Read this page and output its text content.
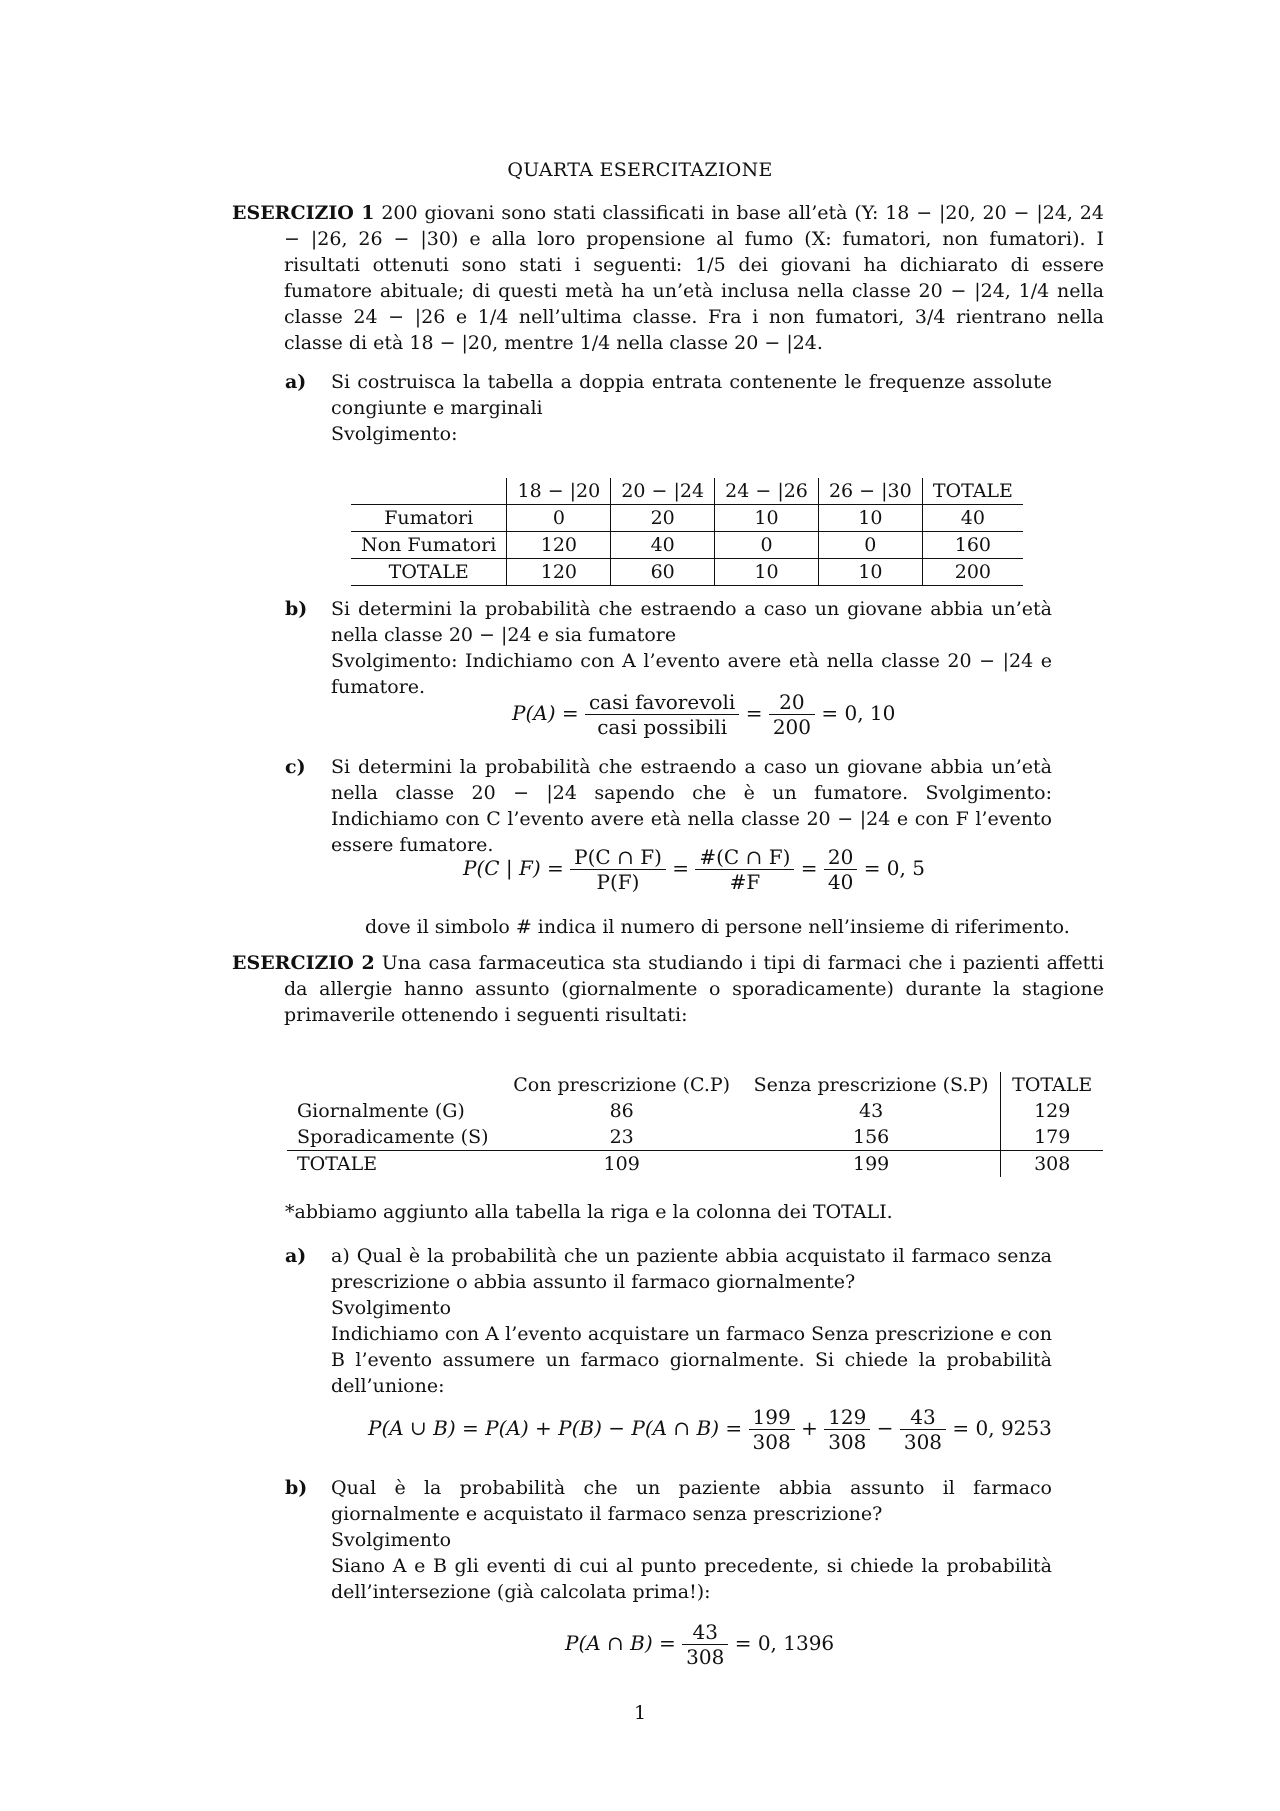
QUARTA ESERCITAZIONE
ESERCIZIO 1 200 giovani sono stati classificati in base all’età (Y: 18 − |20, 20 − |24, 24 − |26, 26 − |30) e alla loro propensione al fumo (X: fumatori, non fumatori). I risultati ottenuti sono stati i seguenti: 1/5 dei giovani ha dichiarato di essere fumatore abituale; di questi metà ha un’età inclusa nella classe 20 − |24, 1/4 nella classe 24 − |26 e 1/4 nell’ultima classe. Fra i non fumatori, 3/4 rientrano nella classe di età 18 − |20, mentre 1/4 nella classe 20 − |24.

a) Si costruisca la tabella a doppia entrata contenente le frequenze assolute congiunte e marginali

Svolgimento:

	18 − |20	20 − |24	24 − |26	26 − |30	TOTALE
Fumatori	0	20	10	10	40
Non Fumatori	120	40	0	0	160
TOTALE	120	60	10	10	200

b) Si determini la probabilità che estraendo a caso un giovane abbia un’età nella classe 20 − |24 e sia fumatore

Svolgimento: Indichiamo con A l’evento avere età nella classe 20 − |24 e fumatore.

$P(A) = \frac{\text{casi favorevoli}}{\text{casi possibili}} = \frac{20}{200} = 0$, 10

c) Si determini la probabilità che estraendo a caso un giovane abbia un’età nella classe 20 − |24 sapendo che è un fumatore. Svolgimento: Indichiamo con C l’evento avere età nella classe 20 − |24 e con F l’evento essere fumatore.

P(C | $F) = \frac{P(C \cap F)}{P(F)} = \frac{\#(C \cap F)}{\#F} = \frac{20}{40} = 0$, 5

dove il simbolo # indica il numero di persone nell’insieme di riferimento.

ESERCIZIO 2 Una casa farmaceutica sta studiando i tipi di farmaci che i pazienti affetti da allergie hanno assunto (giornalmente o sporadicamente) durante la stagione primaverile ottenendo i seguenti risultati:
	Con prescrizione (C.P)	Senza prescrizione (S.P)	TOTALE
Giornalmente (G)	86	43	129
Sporadicamente (S)	23	156	179
TOTALE	109	199	308

*abbiamo aggiunto alla tabella la riga e la colonna dei TOTALI.

a) a) Qual è la probabilità che un paziente abbia acquistato il farmaco senza prescrizione o abbia assunto il farmaco giornalmente?

Svolgimento

Indichiamo con A l’evento acquistare un farmaco Senza prescrizione e con B l’evento assumere un farmaco giornalmente. Si chiede la probabilità dell’unione:

P(A ∪ B) = P(A) + P(B) − P(A ∩ $B) = \frac{199}{308} + \frac{129}{308} - \frac{43}{308} = 0$, 9253

b) Qual è la probabilità che un paziente abbia assunto il farmaco giornalmente e acquistato il farmaco senza prescrizione?

Svolgimento

Siano A e B gli eventi di cui al punto precedente, si chiede la probabilità dell’intersezione (già calcolata prima!):

P(A ∩ $B) = \frac{43}{308} = 0$, 1396
1
